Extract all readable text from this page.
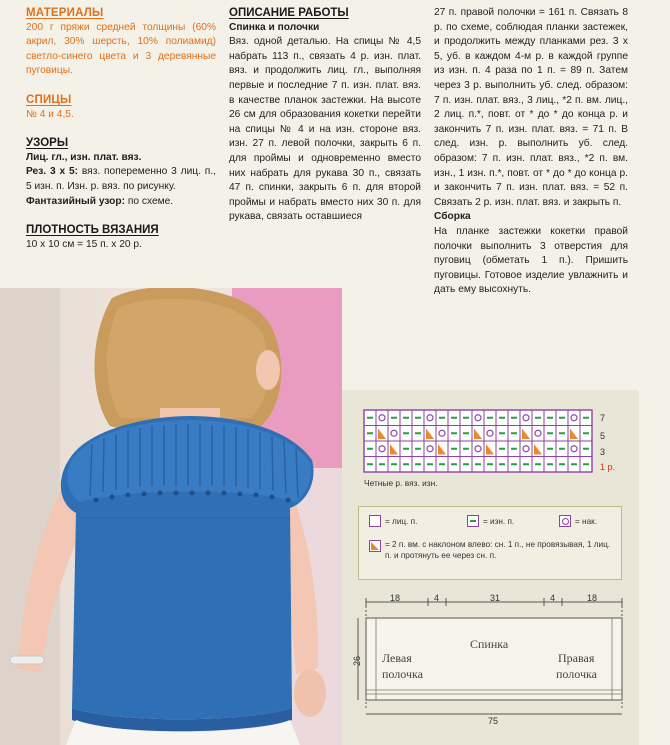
МАТЕРИАЛЫ

200 г пряжи средней толщины (60% акрил, 30% шерсть, 10% полиамид) светло-синего цвета и 3 деревянные пуговицы.

СПИЦЫ

№ 4 и 4,5.

УЗОРЫ

Лиц. гл., изн. плат. вяз.

Рез. 3 х 5: вяз. попеременно 3 лиц. п., 5 изн. п. Изн. р. вяз. по рисунку.

Фантазийный узор: по схеме.

ПЛОТНОСТЬ ВЯЗАНИЯ

10 х 10 см = 15 п. х 20 р.

ОПИСАНИЕ РАБОТЫ

Спинка и полочки

Вяз. одной деталью. На спицы № 4,5 набрать 113 п., связать 4 р. изн. плат. вяз. и продолжить лиц. гл., выполняя первые и последние 7 п. изн. плат. вяз. в качестве планок застежки. На высоте 26 см для образования кокетки перейти на спицы № 4 и на изн. стороне вяз. изн. 27 п. левой полочки, закрыть 6 п. для проймы и одновременно вместо них набрать для рукава 30 п., связать 47 п. спинки, закрыть 6 п. для второй проймы и набрать вместо них 30 п. для рукава, связать оставшиеся

27 п. правой полочки = 161 п. Связать 8 р. по схеме, соблюдая планки застежек, и продолжить между планками рез. 3 х 5, уб. в каждом 4-м р. в каждой группе из изн. п. 4 раза по 1 п. = 89 п. Затем через 3 р. выполнить уб. след. образом: 7 п. изн. плат. вяз., 3 лиц., *2 п. вм. лиц., 2 лиц. п.*, повт. от * до * до конца р. и закончить 7 п. изн. плат. вяз. = 71 п. В след. изн. р. выполнить уб. след. образом: 7 п. изн. плат. вяз., *2 п. вм. изн., 1 изн. п.*, повт. от * до * до конца р. и закончить 7 п. изн. плат. вяз. = 52 п. Связать 2 р. изн. плат. вяз. и закрыть п.

Сборка

На планке застежки кокетки правой полочки выполнить 3 отверстия для пуговиц (обметать 1 п.). Пришить пуговицы. Готовое изделие увлажнить и дать ему высохнуть.

7
5
3
1 р.
Четные р. вяз. изн.
= лиц. п.	= изн. п.	= нак.
= 2 п. вм. с наклоном влево: сн. 1 п., не провязывая, 1 лиц. п. и протянуть ее через сн. п.
18	4	31	4	18
26
75
Спинка
Левая
полочка
Правая
полочка
